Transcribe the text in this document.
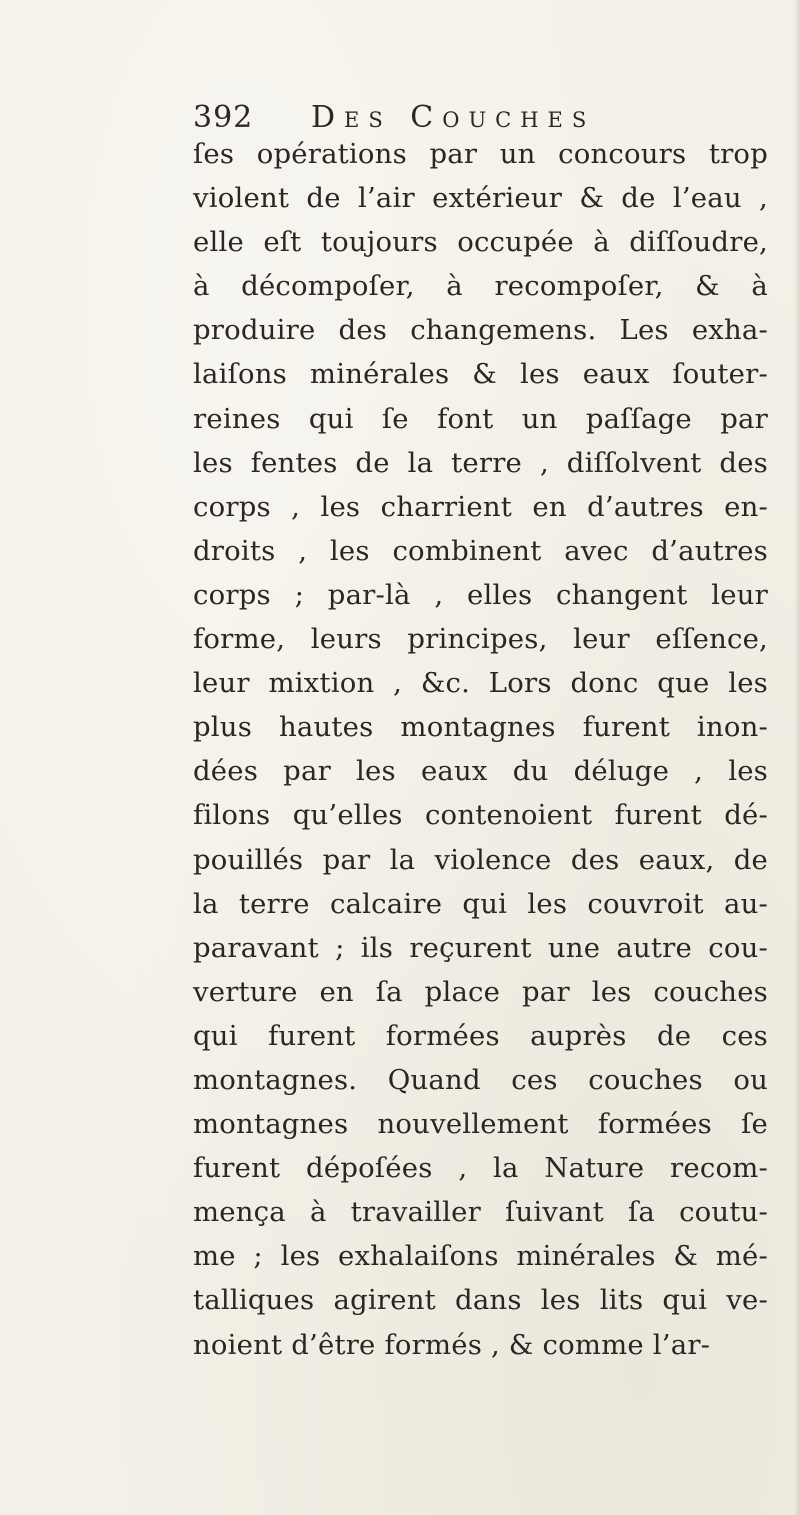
392 Des Couches
ſes opérations par un concours trop
violent de l’air extérieur & de l’eau ,
elle eſt toujours occupée à diſſoudre,
à décompoſer, à recompoſer, & à
produire des changemens. Les exha-
laiſons minérales & les eaux ſouter-
reines qui ſe font un paſſage par
les fentes de la terre , diſſolvent des
corps , les charrient en d’autres en-
droits , les combinent avec d’autres
corps ; par-là , elles changent leur
forme, leurs principes, leur eſſence,
leur mixtion , &c. Lors donc que les
plus hautes montagnes furent inon-
dées par les eaux du déluge , les
filons qu’elles contenoient furent dé-
pouillés par la violence des eaux, de
la terre calcaire qui les couvroit au-
paravant ; ils reçurent une autre cou-
verture en ſa place par les couches
qui furent formées auprès de ces
montagnes. Quand ces couches ou
montagnes nouvellement formées ſe
furent dépoſées , la Nature recom-
mença à travailler ſuivant ſa coutu-
me ; les exhalaiſons minérales & mé-
talliques agirent dans les lits qui ve-
noient d’être formés , & comme l’ar-
